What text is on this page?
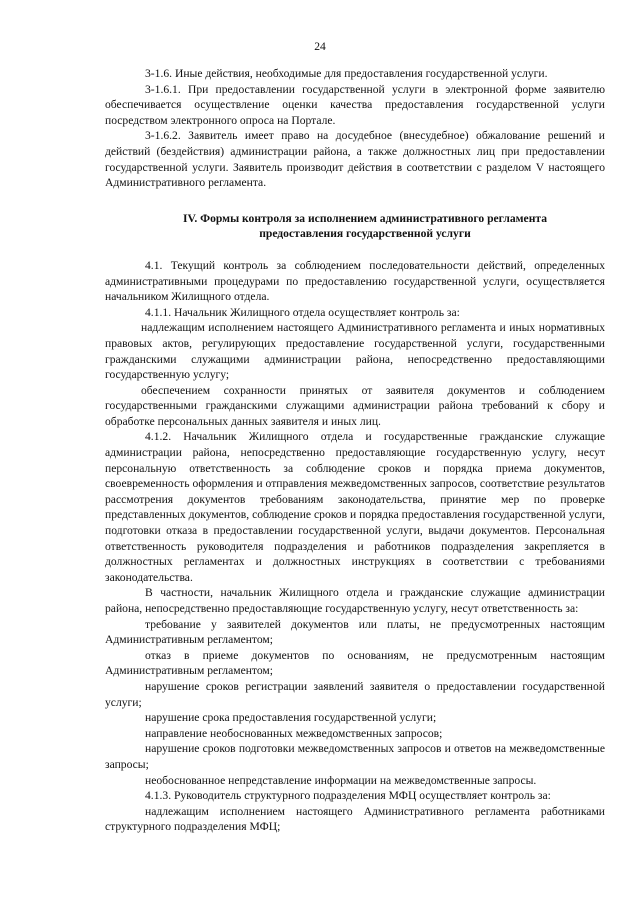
24

3-1.6. Иные действия, необходимые для предоставления государственной услуги.

3-1.6.1. При предоставлении государственной услуги в электронной форме заявителю обеспечивается осуществление оценки качества предоставления государственной услуги посредством электронного опроса на Портале.

3-1.6.2. Заявитель имеет право на досудебное (внесудебное) обжалование решений и действий (бездействия) администрации района, а также должностных лиц при предоставлении государственной услуги. Заявитель производит действия в соответствии с разделом V настоящего Административного регламента.

IV. Формы контроля за исполнением административного регламента
предоставления государственной услуги

4.1. Текущий контроль за соблюдением последовательности действий, определенных административными процедурами по предоставлению государственной услуги, осуществляется начальником Жилищного отдела.

4.1.1. Начальник Жилищного отдела осуществляет контроль за:

надлежащим исполнением настоящего Административного регламента и иных нормативных правовых актов, регулирующих предоставление государственной услуги, государственными гражданскими служащими администрации района, непосредственно предоставляющими государственную услугу;

обеспечением сохранности принятых от заявителя документов и соблюдением государственными гражданскими служащими администрации района требований к сбору и обработке персональных данных заявителя и иных лиц.

4.1.2. Начальник Жилищного отдела и государственные гражданские служащие администрации района, непосредственно предоставляющие государственную услугу, несут персональную ответственность за соблюдение сроков и порядка приема документов, своевременность оформления и отправления межведомственных запросов, соответствие результатов рассмотрения документов требованиям законодательства, принятие мер по проверке представленных документов, соблюдение сроков и порядка предоставления государственной услуги, подготовки отказа в предоставлении государственной услуги, выдачи документов. Персональная ответственность руководителя подразделения и работников подразделения закрепляется в должностных регламентах и должностных инструкциях в соответствии с требованиями законодательства.

В частности, начальник Жилищного отдела и гражданские служащие администрации района, непосредственно предоставляющие государственную услугу, несут ответственность за:

требование у заявителей документов или платы, не предусмотренных настоящим Административным регламентом;

отказ в приеме документов по основаниям, не предусмотренным настоящим Административным регламентом;

нарушение сроков регистрации заявлений заявителя о предоставлении государственной услуги;

нарушение срока предоставления государственной услуги;

направление необоснованных межведомственных запросов;

нарушение сроков подготовки межведомственных запросов и ответов на межведомственные запросы;

необоснованное непредставление информации на межведомственные запросы.

4.1.3. Руководитель структурного подразделения МФЦ осуществляет контроль за:

надлежащим исполнением настоящего Административного регламента работниками структурного подразделения МФЦ;
